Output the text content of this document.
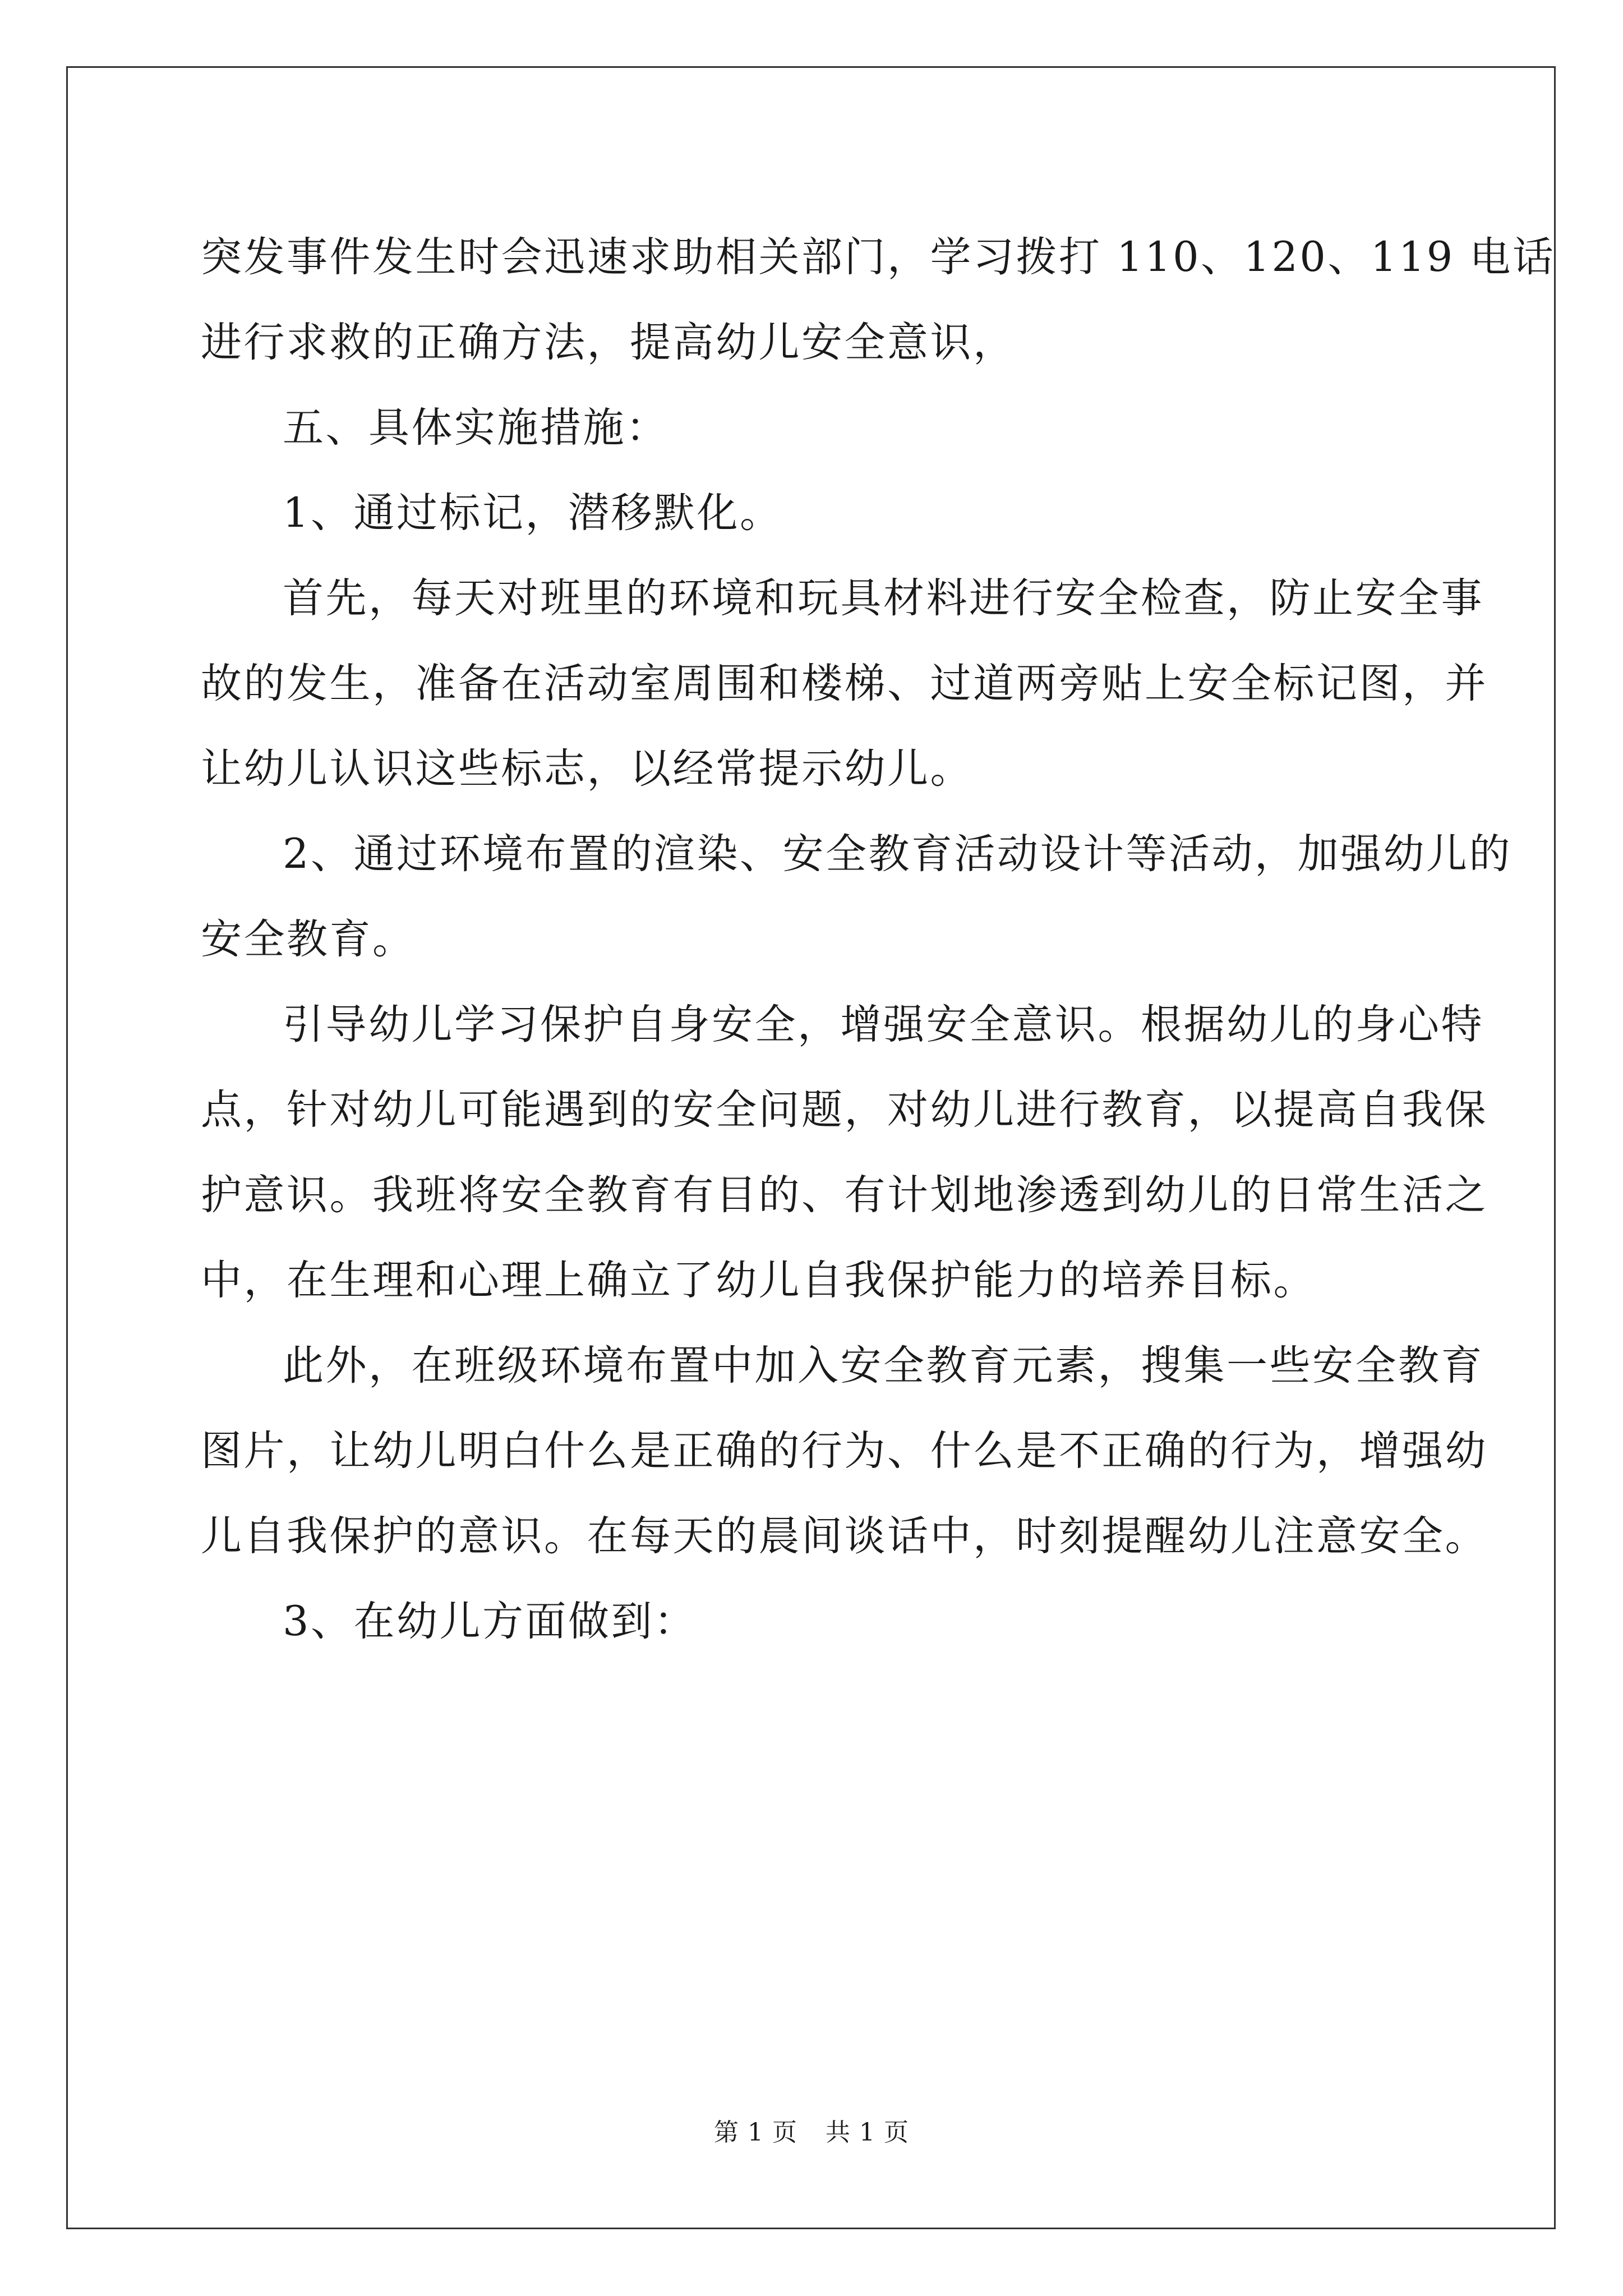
突发事件发生时会迅速求助相关部门，学习拨打 110、120、119 电话

进行求救的正确方法，提高幼儿安全意识，

五、具体实施措施：

1、通过标记，潜移默化。

首先，每天对班里的环境和玩具材料进行安全检查，防止安全事

故的发生，准备在活动室周围和楼梯、过道两旁贴上安全标记图，并

让幼儿认识这些标志，以经常提示幼儿。

2、通过环境布置的渲染、安全教育活动设计等活动，加强幼儿的

安全教育。

引导幼儿学习保护自身安全，增强安全意识。根据幼儿的身心特

点，针对幼儿可能遇到的安全问题，对幼儿进行教育，以提高自我保

护意识。我班将安全教育有目的、有计划地渗透到幼儿的日常生活之

中，在生理和心理上确立了幼儿自我保护能力的培养目标。

此外，在班级环境布置中加入安全教育元素，搜集一些安全教育

图片，让幼儿明白什么是正确的行为、什么是不正确的行为，增强幼

儿自我保护的意识。在每天的晨间谈话中，时刻提醒幼儿注意安全。

3、在幼儿方面做到：

第 1 页 共 1 页
